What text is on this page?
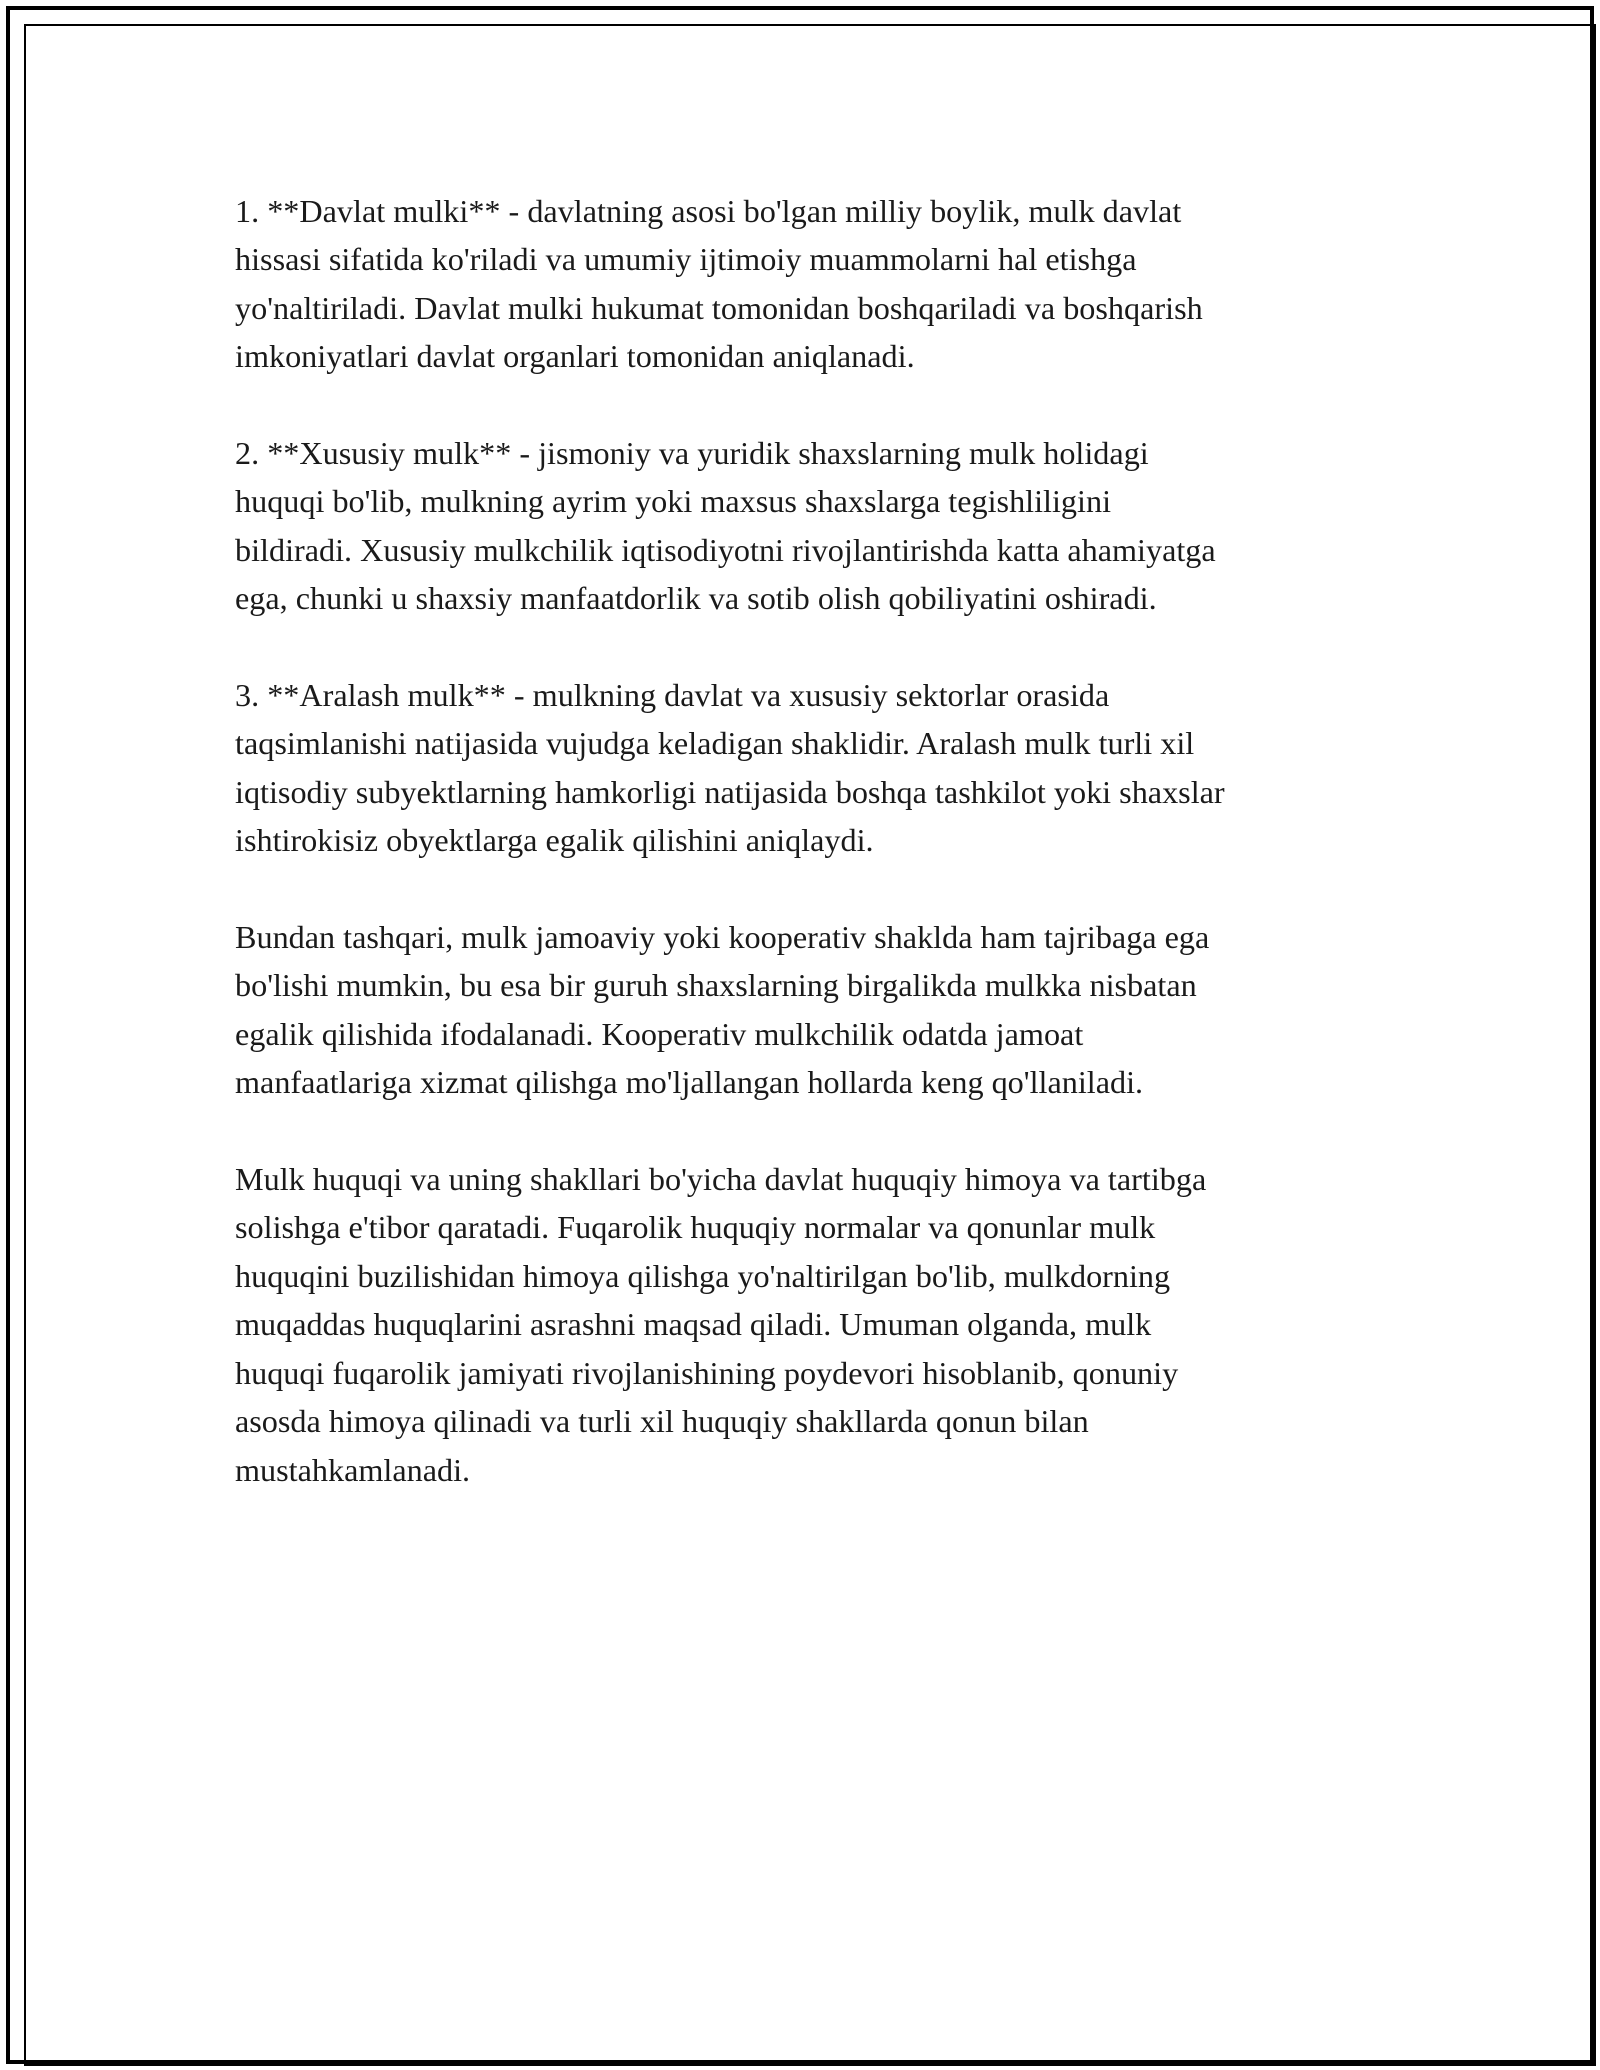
1. **Davlat mulki** - davlatning asosi bo'lgan milliy boylik, mulk davlat
hissasi sifatida ko'riladi va umumiy ijtimoiy muammolarni hal etishga
yo'naltiriladi. Davlat mulki hukumat tomonidan boshqariladi va boshqarish
imkoniyatlari davlat organlari tomonidan aniqlanadi.

2. **Xususiy mulk** - jismoniy va yuridik shaxslarning mulk holidagi
huquqi bo'lib, mulkning ayrim yoki maxsus shaxslarga tegishliligini
bildiradi. Xususiy mulkchilik iqtisodiyotni rivojlantirishda katta ahamiyatga
ega, chunki u shaxsiy manfaatdorlik va sotib olish qobiliyatini oshiradi.

3. **Aralash mulk** - mulkning davlat va xususiy sektorlar orasida
taqsimlanishi natijasida vujudga keladigan shaklidir. Aralash mulk turli xil
iqtisodiy subyektlarning hamkorligi natijasida boshqa tashkilot yoki shaxslar
ishtirokisiz obyektlarga egalik qilishini aniqlaydi.

Bundan tashqari, mulk jamoaviy yoki kooperativ shaklda ham tajribaga ega
bo'lishi mumkin, bu esa bir guruh shaxslarning birgalikda mulkka nisbatan
egalik qilishida ifodalanadi. Kooperativ mulkchilik odatda jamoat
manfaatlariga xizmat qilishga mo'ljallangan hollarda keng qo'llaniladi.

Mulk huquqi va uning shakllari bo'yicha davlat huquqiy himoya va tartibga
solishga e'tibor qaratadi. Fuqarolik huquqiy normalar va qonunlar mulk
huquqini buzilishidan himoya qilishga yo'naltirilgan bo'lib, mulkdorning
muqaddas huquqlarini asrashni maqsad qiladi. Umuman olganda, mulk
huquqi fuqarolik jamiyati rivojlanishining poydevori hisoblanib, qonuniy
asosda himoya qilinadi va turli xil huquqiy shakllarda qonun bilan
mustahkamlanadi.
